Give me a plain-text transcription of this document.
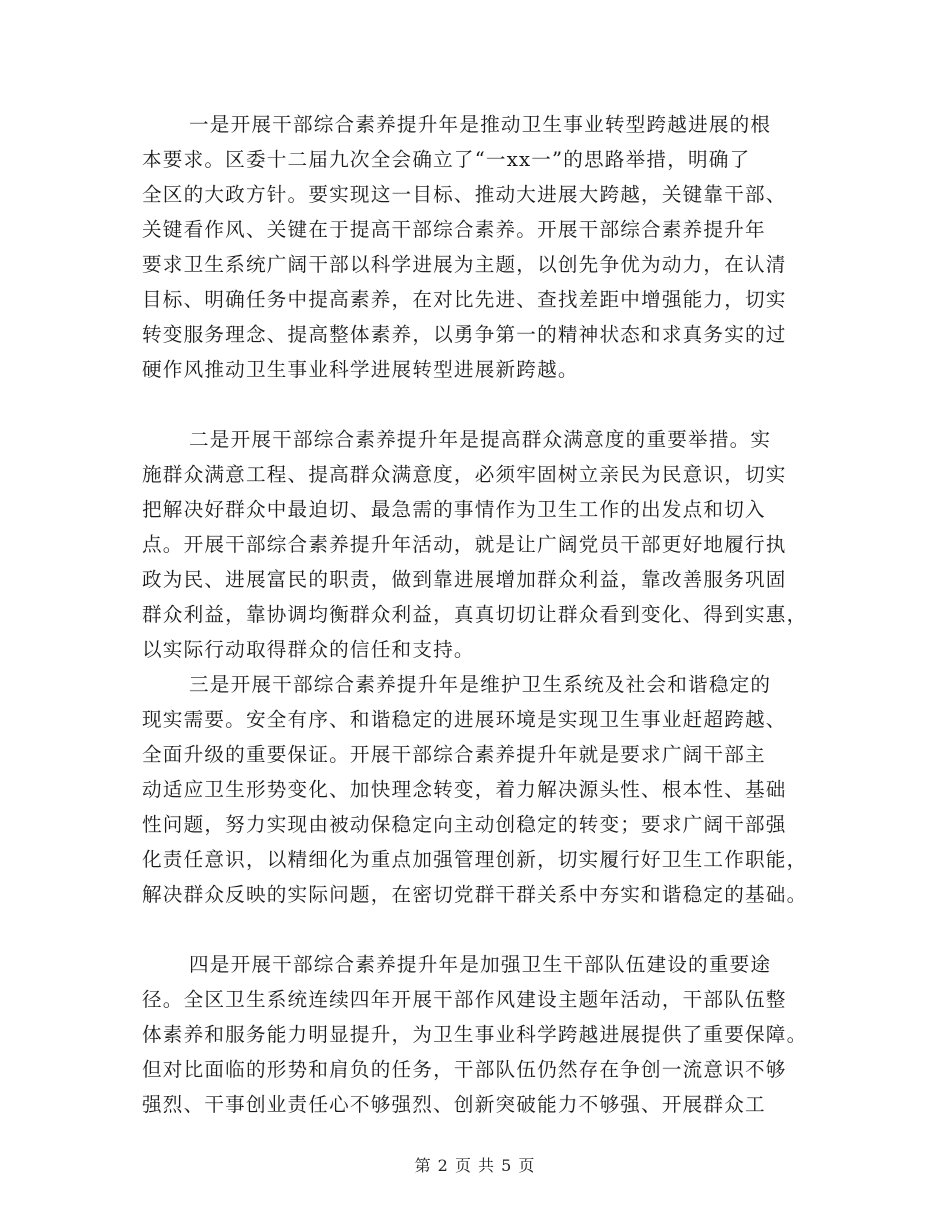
一是开展干部综合素养提升年是推动卫生事业转型跨越进展的根
本要求。区委十二届九次全会确立了“一xx一”的思路举措，明确了
全区的大政方针。要实现这一目标、推动大进展大跨越，关键靠干部、
关键看作风、关键在于提高干部综合素养。开展干部综合素养提升年
要求卫生系统广阔干部以科学进展为主题，以创先争优为动力，在认清
目标、明确任务中提高素养，在对比先进、查找差距中增强能力，切实
转变服务理念、提高整体素养，以勇争第一的精神状态和求真务实的过
硬作风推动卫生事业科学进展转型进展新跨越。
二是开展干部综合素养提升年是提高群众满意度的重要举措。实
施群众满意工程、提高群众满意度，必须牢固树立亲民为民意识，切实
把解决好群众中最迫切、最急需的事情作为卫生工作的出发点和切入
点。开展干部综合素养提升年活动，就是让广阔党员干部更好地履行执
政为民、进展富民的职责，做到靠进展增加群众利益，靠改善服务巩固
群众利益，靠协调均衡群众利益，真真切切让群众看到变化、得到实惠，
以实际行动取得群众的信任和支持。
三是开展干部综合素养提升年是维护卫生系统及社会和谐稳定的
现实需要。安全有序、和谐稳定的进展环境是实现卫生事业赶超跨越、
全面升级的重要保证。开展干部综合素养提升年就是要求广阔干部主
动适应卫生形势变化、加快理念转变，着力解决源头性、根本性、基础
性问题，努力实现由被动保稳定向主动创稳定的转变；要求广阔干部强
化责任意识，以精细化为重点加强管理创新，切实履行好卫生工作职能，
解决群众反映的实际问题，在密切党群干群关系中夯实和谐稳定的基础。
四是开展干部综合素养提升年是加强卫生干部队伍建设的重要途
径。全区卫生系统连续四年开展干部作风建设主题年活动，干部队伍整
体素养和服务能力明显提升，为卫生事业科学跨越进展提供了重要保障。
但对比面临的形势和肩负的任务，干部队伍仍然存在争创一流意识不够
强烈、干事创业责任心不够强烈、创新突破能力不够强、开展群众工
第 2 页 共 5 页
